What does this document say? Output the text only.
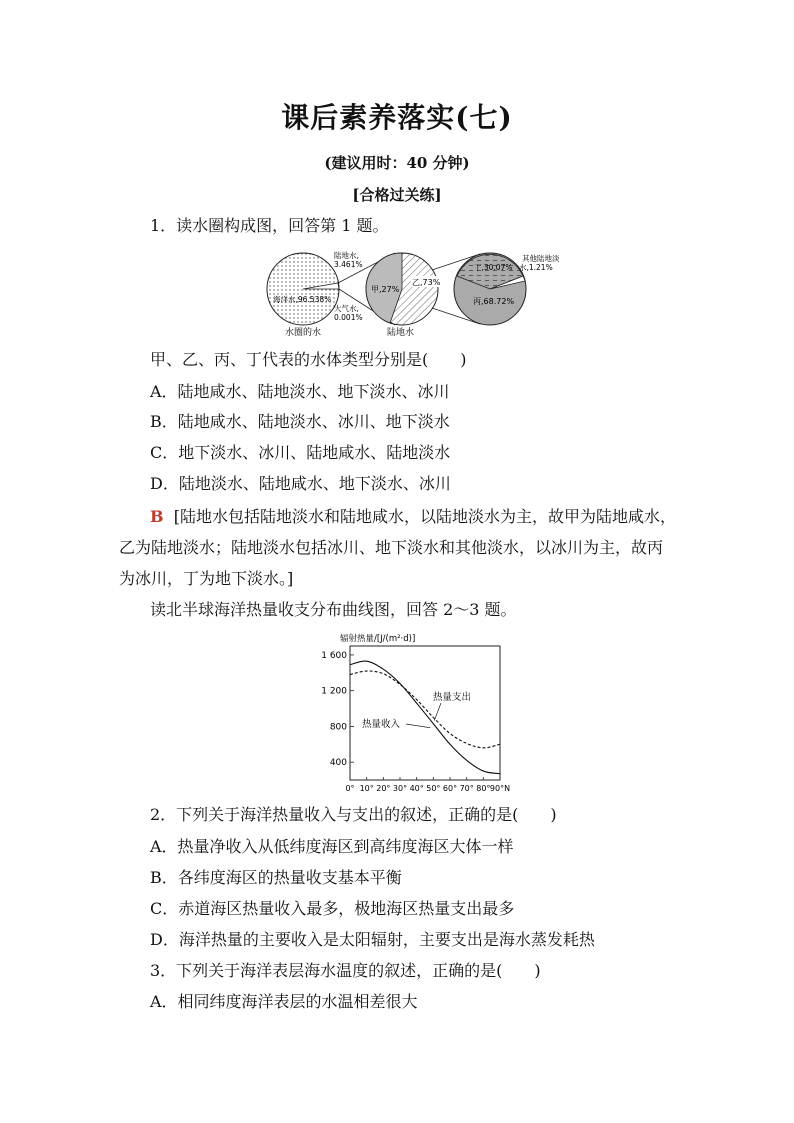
课后素养落实(七)
(建议用时：40 分钟)
[合格过关练]
1．读水圈构成图，回答第 1 题。
陆地水,
3.461%
海洋水,96.538%
大气水,
0.001%
水圈的水
甲,27%
乙,73%
陆地水
丁,30.07%
丙,68.72%
其他陆地淡
水,1.21%
甲、乙、丙、丁代表的水体类型分别是(　　)
A．陆地咸水、陆地淡水、地下淡水、冰川
B．陆地咸水、陆地淡水、冰川、地下淡水
C．地下淡水、冰川、陆地咸水、陆地淡水
D．陆地淡水、陆地咸水、地下淡水、冰川
B [陆地水包括陆地淡水和陆地咸水，以陆地淡水为主，故甲为陆地咸水，
乙为陆地淡水；陆地淡水包括冰川、地下淡水和其他淡水，以冰川为主，故丙
为冰川，丁为地下淡水。]
读北半球海洋热量收支分布曲线图，回答 2～3 题。
辐射热量/[J/(m²·d)]
400
800
1 200
1 600
0° 10° 20° 30° 40° 50° 60° 70° 80° 90°N
热量收入
热量支出
2．下列关于海洋热量收入与支出的叙述，正确的是(　　)
A．热量净收入从低纬度海区到高纬度海区大体一样
B．各纬度海区的热量收支基本平衡
C．赤道海区热量收入最多，极地海区热量支出最多
D．海洋热量的主要收入是太阳辐射，主要支出是海水蒸发耗热
3．下列关于海洋表层海水温度的叙述，正确的是(　　)
A．相同纬度海洋表层的水温相差很大
